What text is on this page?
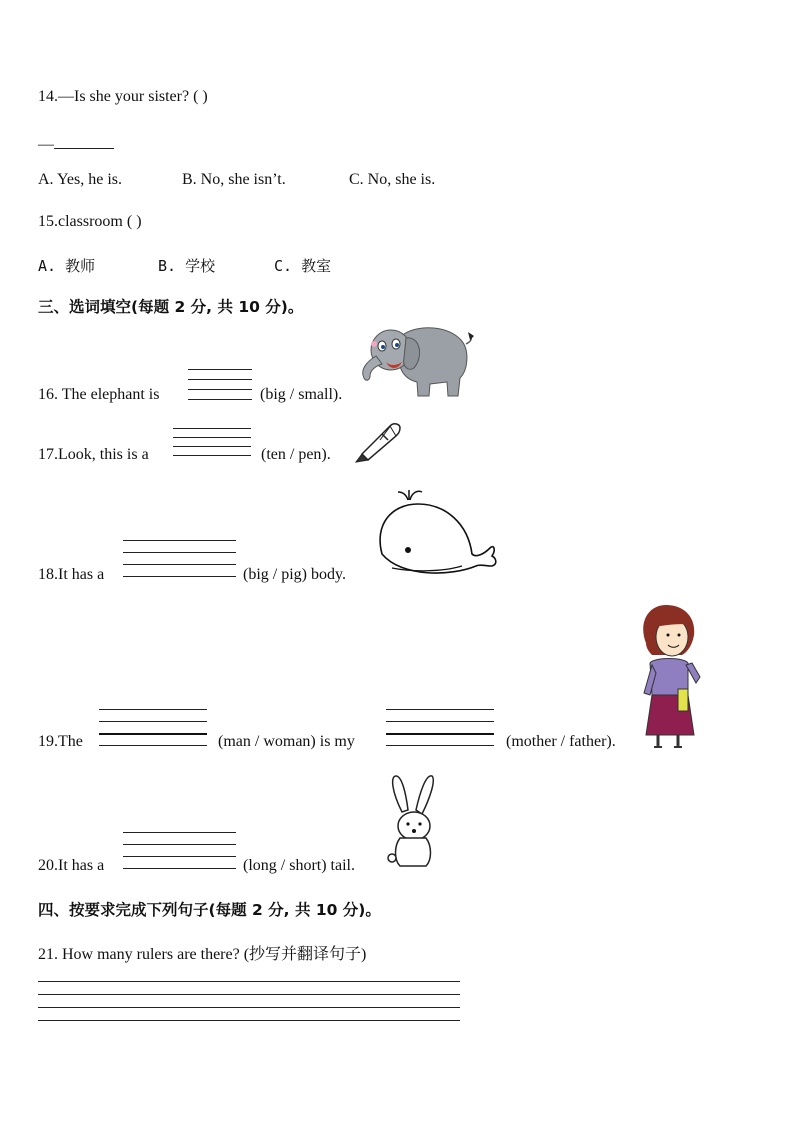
14.—Is she your sister? ( )
—
A. Yes, he is.	B. No, she isn’t.	C. No, she is.
15.classroom ( )
A. 教师	B. 学校	C. 教室
三、选词填空(每题 2 分, 共 10 分)。
16. The elephant is	(big / small).
17.Look, this is a	(ten / pen).
18.It has a	(big / pig) body.
19.The	(man / woman) is my	(mother / father).
20.It has a	(long / short) tail.
四、按要求完成下列句子(每题 2 分, 共 10 分)。
21. How many rulers are there? (抄写并翻译句子)
